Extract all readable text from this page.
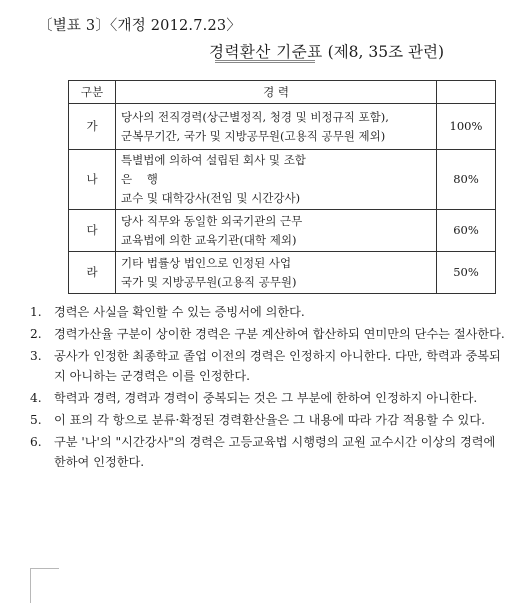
〔별표 3〕〈개정 2012.7.23〉
경력환산 기준표 (제8, 35조 관련)
구분	경 력	
가	당사의 전직경력(상근별정직, 청경 및 비정규직 포함),
군복무기간, 국가 및 지방공무원(고용직 공무원 제외)	100%
나	특별법에 의하여 설립된 회사 및 조합
은    행
교수 및 대학강사(전임 및 시간강사)	80%
다	당사 직무와 동일한 외국기관의 근무
교육법에 의한 교육기관(대학 제외)	60%
라	기타 법률상 법인으로 인정된 사업
국가 및 지방공무원(고용직 공무원)	50%
1. 경력은 사실을 확인할 수 있는 증빙서에 의한다.
2. 경력가산율 구분이 상이한 경력은 구분 계산하여 합산하되 연미만의 단수는 절사한다.
3. 공사가 인정한 최종학교 졸업 이전의 경력은 인정하지 아니한다. 다만, 학력과 중복되지 아니하는 군경력은 이를 인정한다.
4. 학력과 경력, 경력과 경력이 중복되는 것은 그 부분에 한하여 인정하지 아니한다.
5. 이 표의 각 항으로 분류·확정된 경력환산율은 그 내용에 따라 가감 적용할 수 있다.
6. 구분 '나'의 "시간강사"의 경력은 고등교육법 시행령의 교원 교수시간 이상의 경력에 한하여 인정한다.
